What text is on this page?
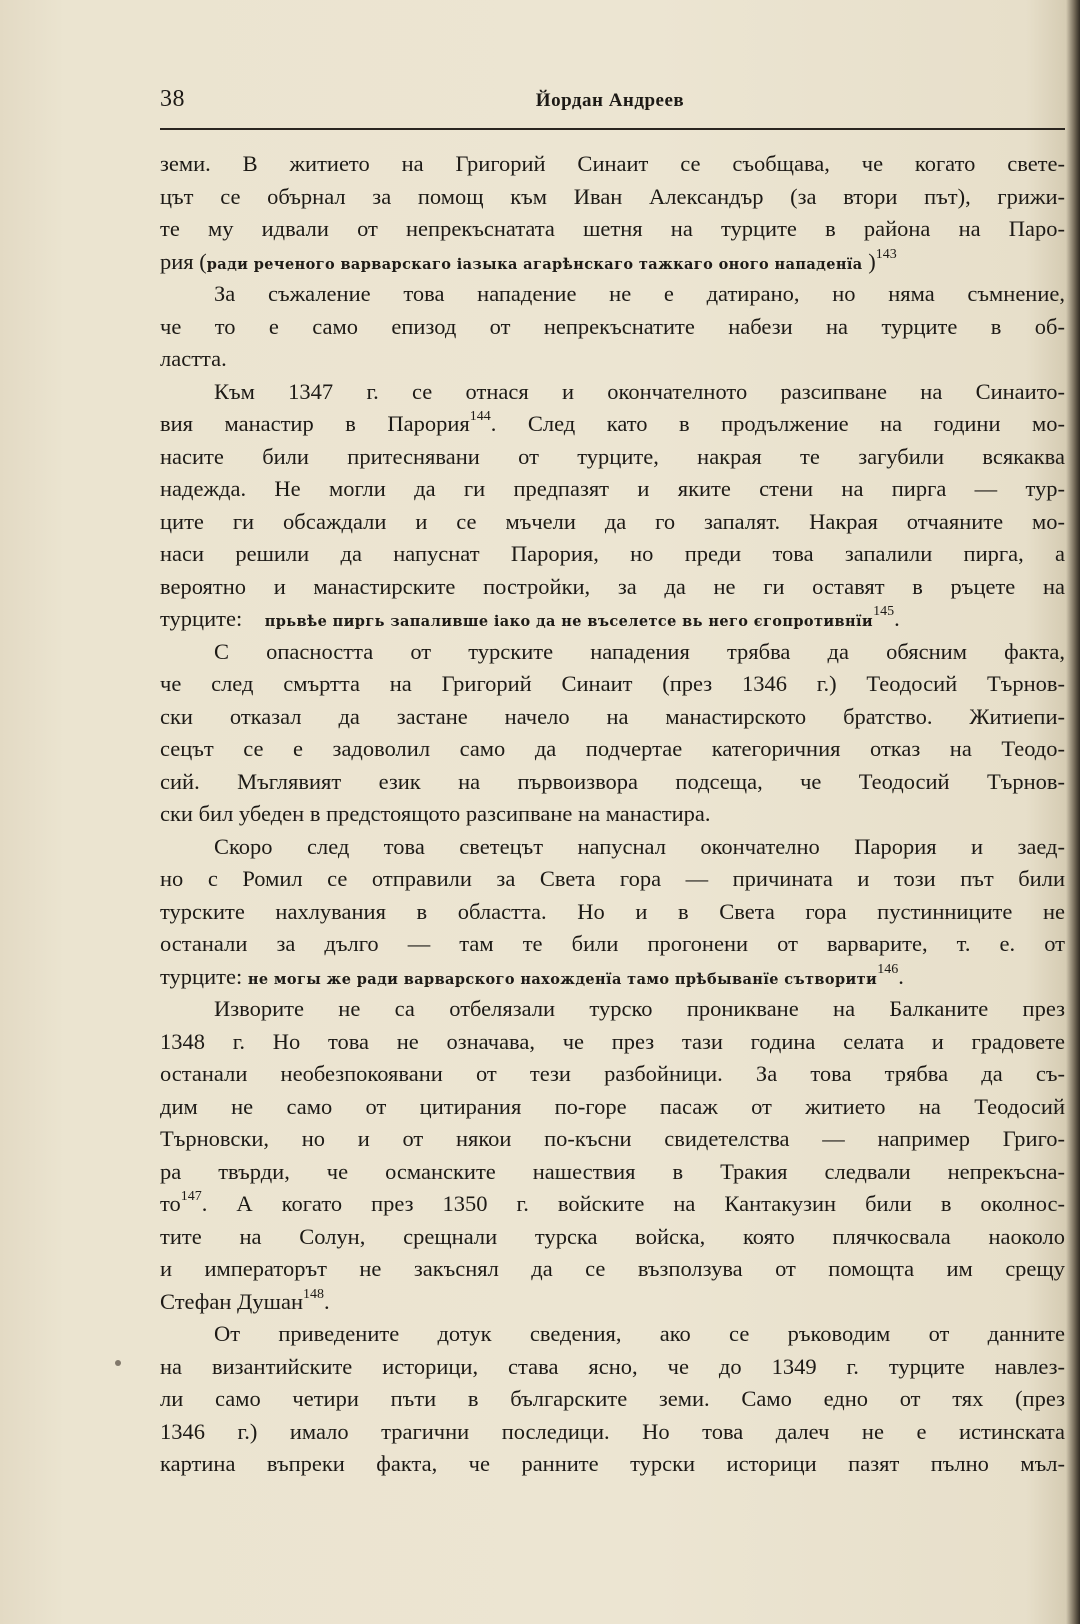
38	Йордан Андреев
земи. В житието на Григорий Синаит се съобщава, че когато свете-
цът се обърнал за помощ към Иван Александър (за втори път), грижи-
те му идвали от непрекъснатата шетня на турците в района на Паро-
рия (ради реченого варварскаго іазыка агарѣнскаго тажкаго оного нападенїа )$^{143}$
За съжаление това нападение не е датирано, но няма съмнение,
че то е само епизод от непрекъснатите набези на турците в об-
ластта.
Към 1347 г. се отнася и окончателното разсипване на Синаито-
вия манастир в Парория$^{144}$. След като в продължение на години мо-
наситe били притеснявани от турците, накрая те загубили всякаква
надежда. Не могли да ги предпазят и яките стени на пирга — тур-
ците ги обсаждали и се мъчели да го запалят. Накрая отчаяните мо-
наси решили да напуснат Парория, но преди това запалили пирга, а
вероятно и манастирските постройки, за да не ги оставят в ръцете на
турците: прьвѣе пиргь запаливше іако да не въселетсе вь него єгопротивнїи$^{145}$.
С опасността от турските нападения трябва да обясним факта,
че след смъртта на Григорий Синаит (през 1346 г.) Теодосий Търнов-
ски отказал да застане начело на манастирското братство. Житиепи-
сецът се е задоволил само да подчертае категоричния отказ на Теодо-
сий. Мъглявият език на първоизвора подсеща, че Теодосий Търнов-
ски бил убеден в предстоящото разсипване на манастира.
Скоро след това светецът напуснал окончателно Парория и заед-
но с Ромил се отправили за Света гора — причината и този път били
турските нахлувания в областта. Но и в Света гора пустинниците не
останали за дълго — там те били прогонени от варварите, т. е. от
турците: не могы же ради варварского нахожденїа тамо прѣбыванїе сътворити$^{146}$.
Изворите не са отбелязали турско проникване на Балканите през
1348 г. Но това не означава, че през тази година селата и градовете
останали необезпокоявани от тези разбойници. За това трябва да съ-
дим не само от цитирания по-горе пасаж от житието на Теодосий
Търновски, но и от някои по-късни свидетелства — например Григо-
ра твърди, че османските нашествия в Тракия следвали непрекъсна-
$то^{147}$. А когато през 1350 г. войските на Кантакузин били в околнос-
тите на Солун, срещнали турска войска, която плячкосвала наоколо
и императорът не закъснял да се възползува от помощта им срещу
Стефан Душан$^{148}$.
От приведените дотук сведения, ако се ръководим от данните
на византийските историци, става ясно, че до 1349 г. турците навлез-
ли само четири пъти в българските земи. Само едно от тях (през
1346 г.) имало трагични последици. Но това далеч не е истинската
картина въпреки факта, че ранните турски историци пазят пълно мъл-
